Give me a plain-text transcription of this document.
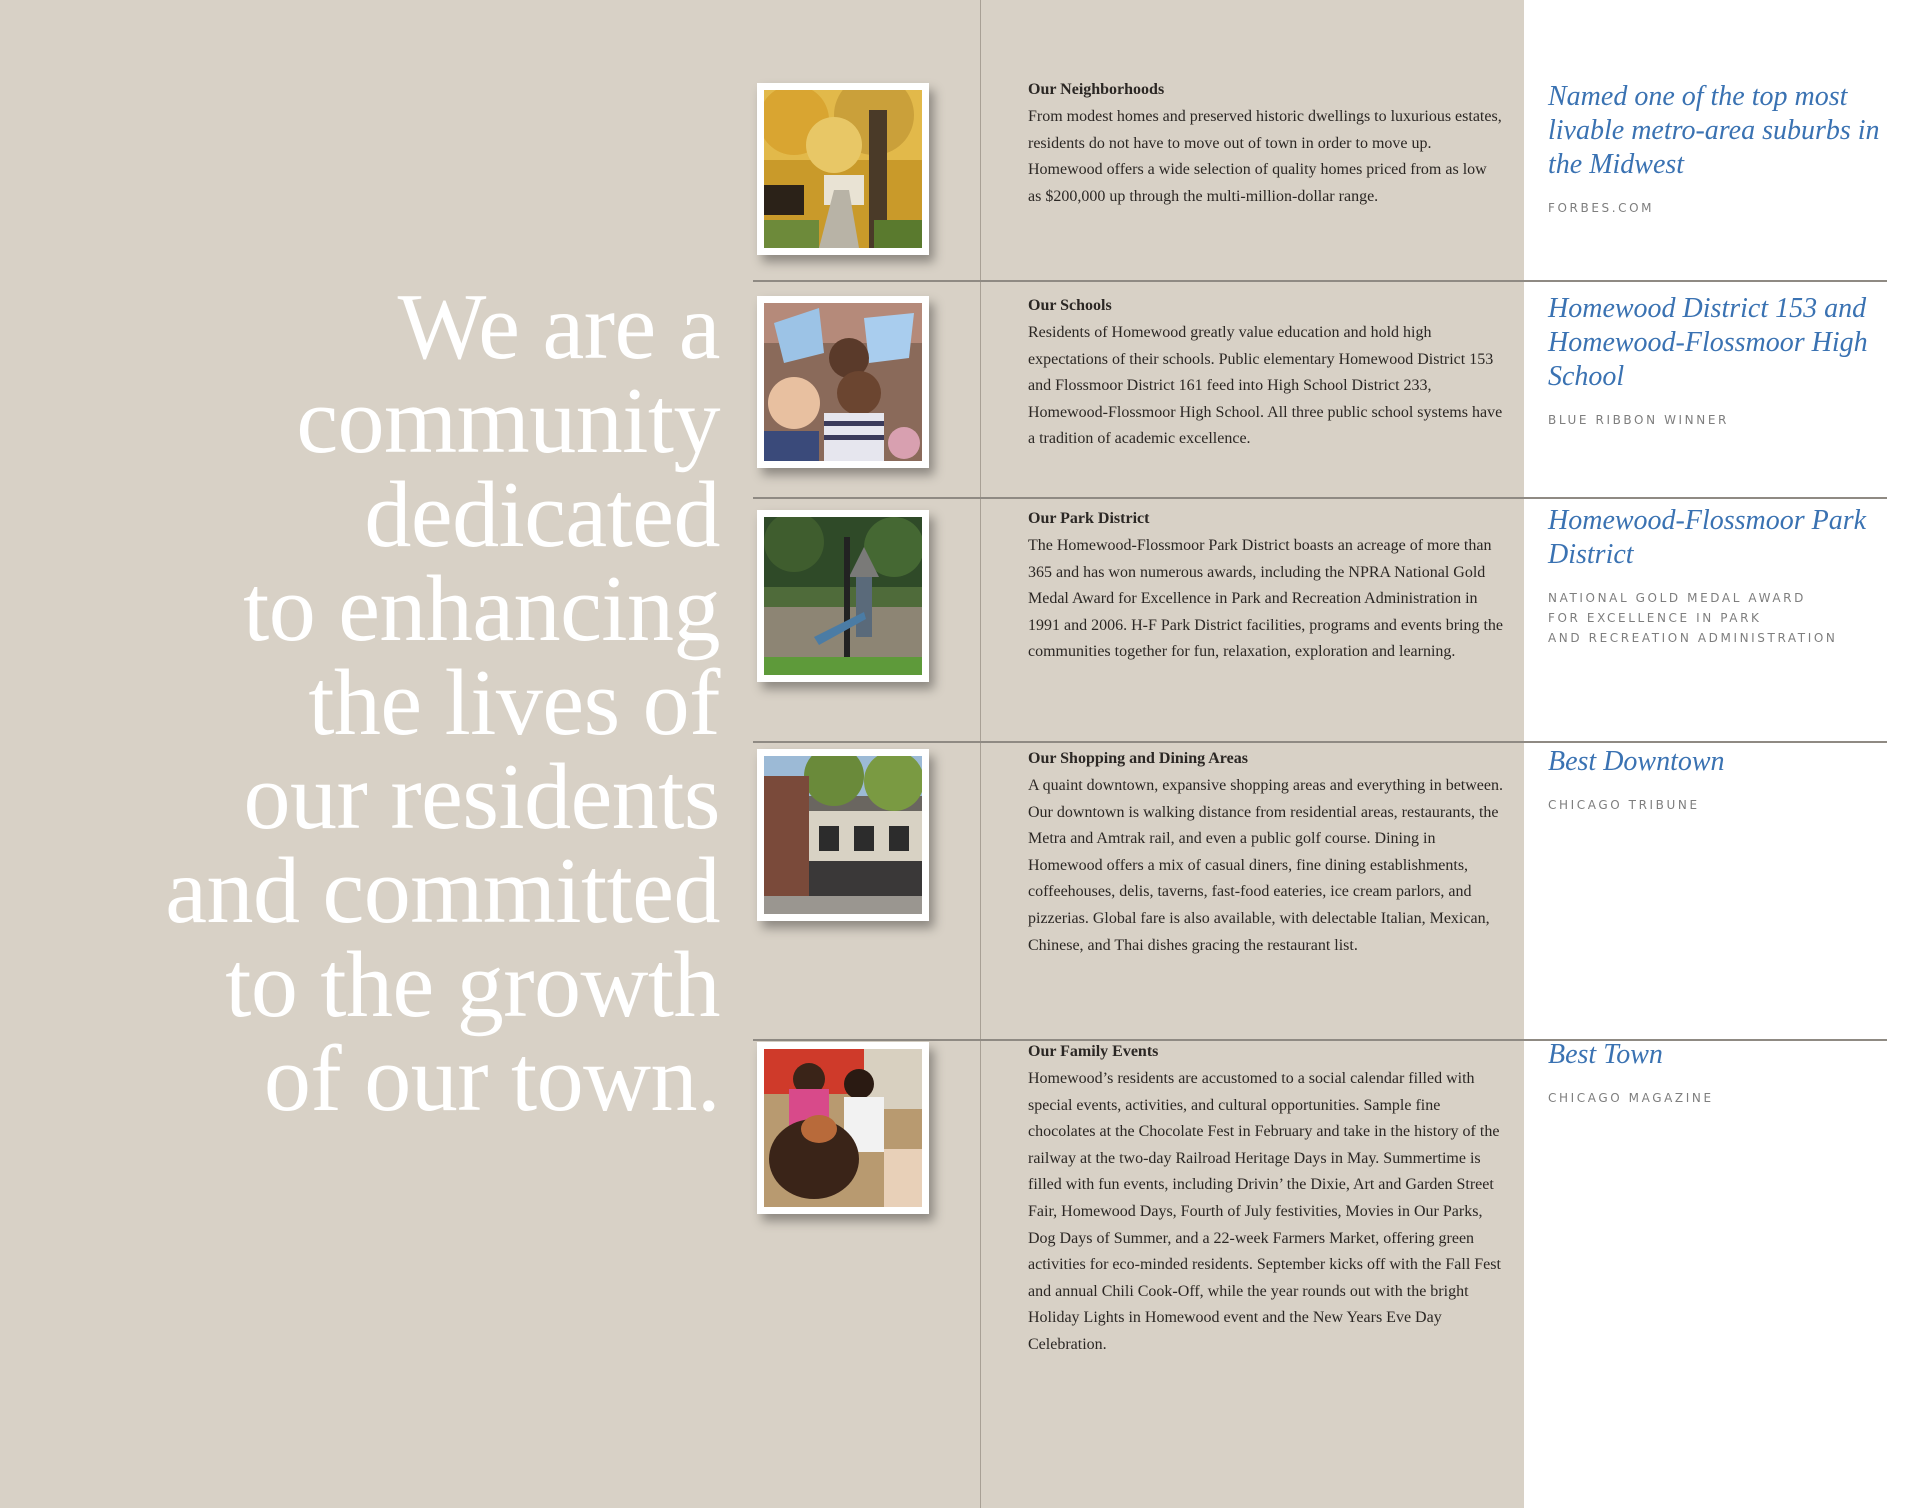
We are a
community
dedicated
to enhancing
the lives of
our residents
and committed
to the growth
of our town.
Our Neighborhoods

From modest homes and preserved historic dwellings to luxurious estates, residents do not have to move out of town in order to move up. Homewood offers a wide selection of quality homes priced from as low as $200,000 up through the multi-million-dollar range.

Our Schools

Residents of Homewood greatly value education and hold high expectations of their schools. Public elementary Homewood District 153 and Flossmoor District 161 feed into High School District 233, Homewood-Flossmoor High School. All three public school systems have a tradition of academic excellence.

Our Park District

The Homewood-Flossmoor Park District boasts an acreage of more than 365 and has won numerous awards, including the NPRA National Gold Medal Award for Excellence in Park and Recreation Administration in 1991 and 2006. H-F Park District facilities, programs and events bring the communities together for fun, relaxation, exploration and learning.

Our Shopping and Dining Areas

A quaint downtown, expansive shopping areas and everything in between. Our downtown is walking distance from residential areas, restaurants, the Metra and Amtrak rail, and even a public golf course. Dining in Homewood offers a mix of casual diners, fine dining establishments, coffeehouses, delis, taverns, fast-food eateries, ice cream parlors, and pizzerias. Global fare is also available, with delectable Italian, Mexican, Chinese, and Thai dishes gracing the restaurant list.

Our Family Events

Homewood’s residents are accustomed to a social calendar filled with special events, activities, and cultural opportunities. Sample fine chocolates at the Chocolate Fest in February and take in the history of the railway at the two-day Railroad Heritage Days in May. Summertime is filled with fun events, including Drivin’ the Dixie, Art and Garden Street Fair, Homewood Days, Fourth of July festivities, Movies in Our Parks, Dog Days of Summer, and a 22-week Farmers Market, offering green activities for eco-minded residents. September kicks off with the Fall Fest and annual Chili Cook-Off, while the year rounds out with the bright Holiday Lights in Homewood event and the New Years Eve Day Celebration.

Named one of the top most livable metro-area suburbs in the Midwest
FORBES.COM
Homewood District 153 and Homewood-Flossmoor High School
BLUE RIBBON WINNER
Homewood-Flossmoor Park District
NATIONAL GOLD MEDAL AWARD
FOR EXCELLENCE IN PARK
AND RECREATION ADMINISTRATION
Best Downtown
CHICAGO TRIBUNE
Best Town
CHICAGO MAGAZINE
